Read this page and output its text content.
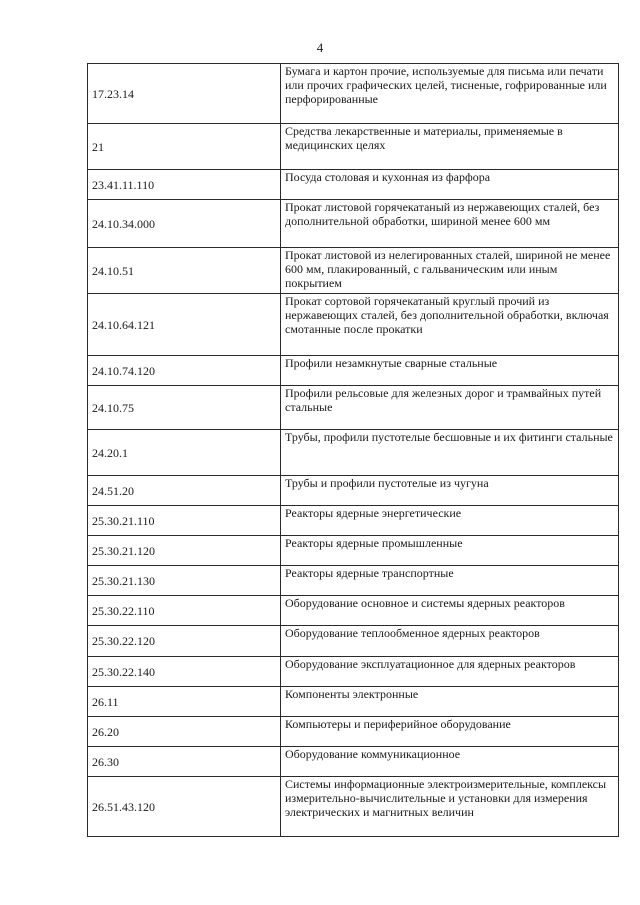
4
17.23.14	Бумага и картон прочие, используемые для письма или печати или прочих графических целей, тисненые, гофрированные или перфорированные
21	Средства лекарственные и материалы, применяемые в медицинских целях
23.41.11.110	Посуда столовая и кухонная из фарфора
24.10.34.000	Прокат листовой горячекатаный из нержавеющих сталей, без дополнительной обработки, шириной менее 600 мм
24.10.51	Прокат листовой из нелегированных сталей, шириной не менее 600 мм, плакированный, с гальваническим или иным покрытием
24.10.64.121	Прокат сортовой горячекатаный круглый прочий из нержавеющих сталей, без дополнительной обработки, включая смотанные после прокатки
24.10.74.120	Профили незамкнутые сварные стальные
24.10.75	Профили рельсовые для железных дорог и трамвайных путей стальные
24.20.1	Трубы, профили пустотелые бесшовные и их фитинги стальные
24.51.20	Трубы и профили пустотелые из чугуна
25.30.21.110	Реакторы ядерные энергетические
25.30.21.120	Реакторы ядерные промышленные
25.30.21.130	Реакторы ядерные транспортные
25.30.22.110	Оборудование основное и системы ядерных реакторов
25.30.22.120	Оборудование теплообменное ядерных реакторов
25.30.22.140	Оборудование эксплуатационное для ядерных реакторов
26.11	Компоненты электронные
26.20	Компьютеры и периферийное оборудование
26.30	Оборудование коммуникационное
26.51.43.120	Системы информационные электроизмерительные, комплексы измерительно-вычислительные и установки для измерения электрических и магнитных величин
